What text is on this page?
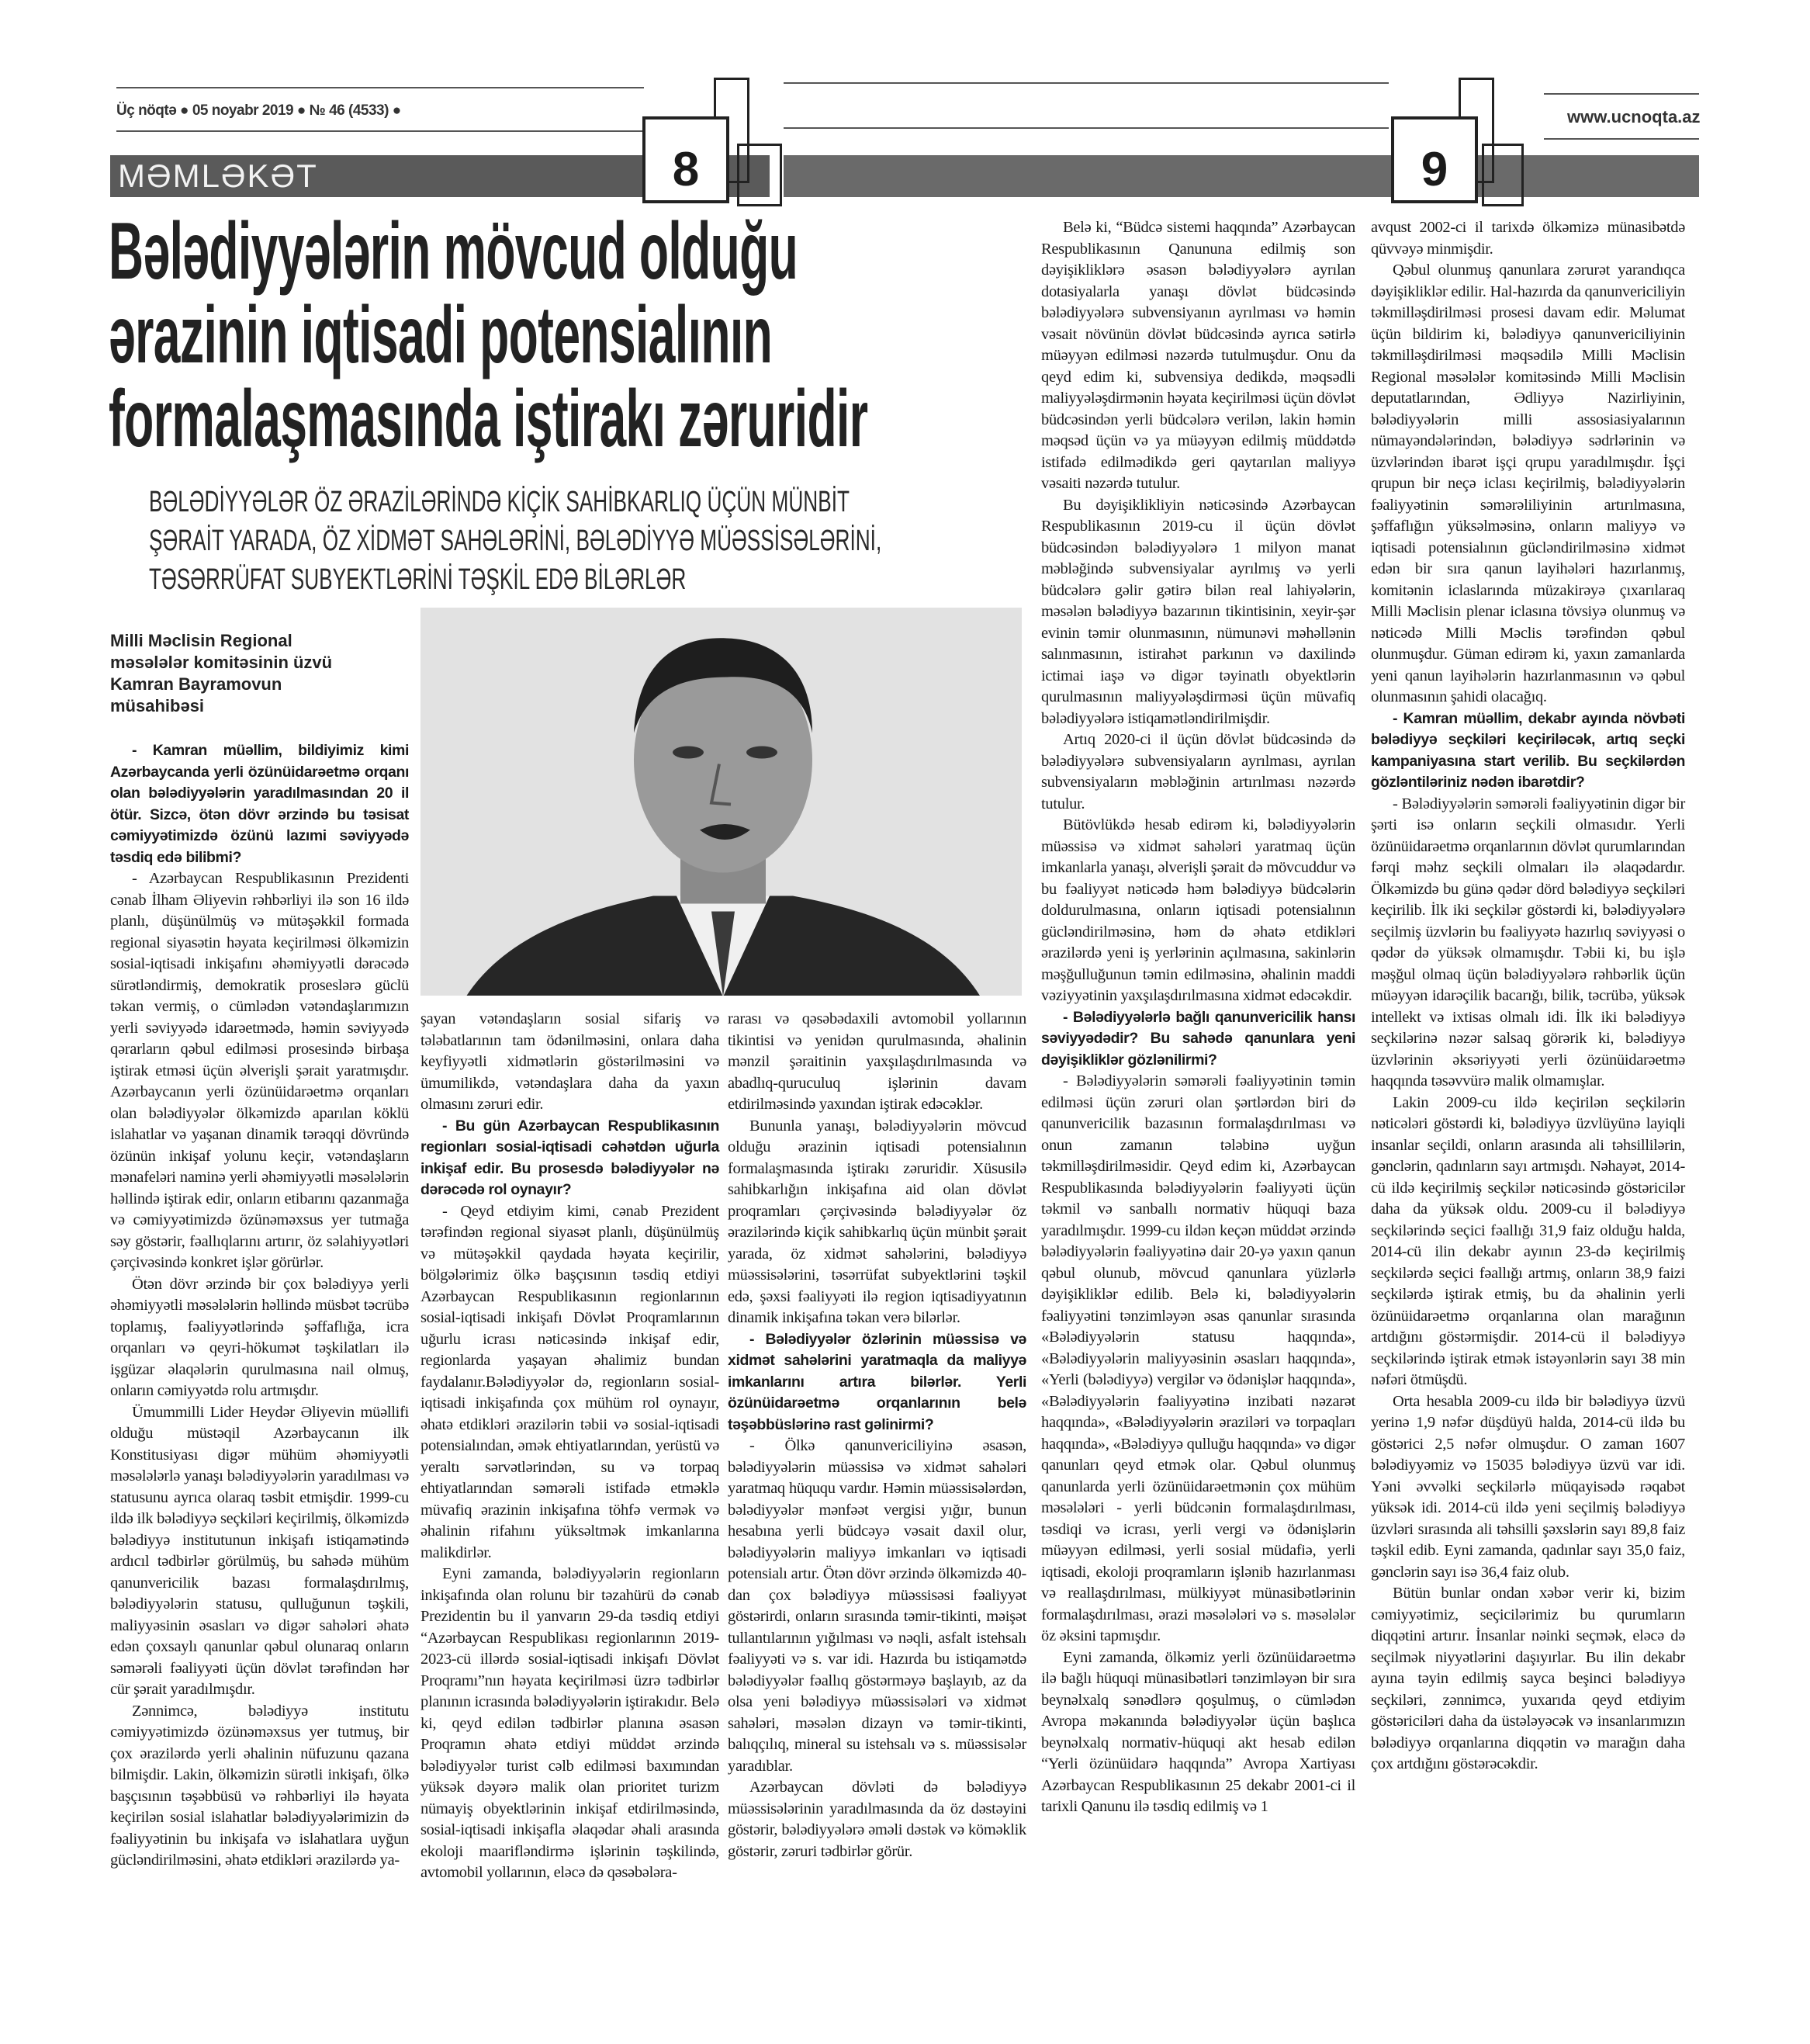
Üç nöqtə ● 05 noyabr 2019 ● № 46 (4533) ●	www.ucnoqta.az
MƏMLƏKƏT	8	9
Bələdiyyələrin mövcud olduğu
ərazinin iqtisadi potensialının
formalaşmasında iştirakı zəruridir
BƏLƏDİYYƏLƏR ÖZ ƏRAZİLƏRİNDƏ KİÇİK SAHİBKARLIQ ÜÇÜN MÜNBİT
ŞƏRAİT YARADA, ÖZ XİDMƏT SAHƏLƏRİNİ, BƏLƏDİYYƏ MÜƏSSİSƏLƏRİNİ,
TƏSƏRRÜFAT SUBYEKTLƏRİNİ TƏŞKİL EDƏ BİLƏRLƏR
Milli Məclisin Regional məsələlər komitəsinin üzvü Kamran Bayramovun müsahibəsi

- Kamran müəllim, bildiyimiz kimi Azərbaycanda yerli özünüidarəetmə orqanı olan bələdiyyələrin yaradılmasından 20 il ötür. Sizcə, ötən dövr ərzində bu təsisat cəmiyyətimizdə özünü lazımi səviyyədə təsdiq edə bilibmi?

- Azərbaycan Respublikasının Prezidenti cənab İlham Əliyevin rəhbərliyi ilə son 16 ildə planlı, düşünülmüş və mütəşəkkil formada regional siyasətin həyata keçirilməsi ölkəmizin sosial-iqtisadi inkişafını əhəmiyyətli dərəcədə sürətləndirmiş, demokratik proseslərə güclü təkan vermiş, o cümlədən vətəndaşlarımızın yerli səviyyədə idarəetmədə, həmin səviyyədə qərarların qəbul edilməsi prosesində birbaşa iştirak etməsi üçün əlverişli şərait yaratmışdır. Azərbaycanın yerli özünüidarəetmə orqanları olan bələdiyyələr ölkəmizdə aparılan köklü islahatlar və yaşanan dinamik tərəqqi dövründə özünün inkişaf yolunu keçir, vətəndaşların mənafeləri naminə yerli əhəmiyyətli məsələlərin həllində iştirak edir, onların etibarını qazanmağa və cəmiyyətimizdə özünəməxsus yer tutmağa səy göstərir, fəallıqlarını artırır, öz səlahiyyətləri çərçivəsində konkret işlər görürlər.

Ötən dövr ərzində bir çox bələdiyyə yerli əhəmiyyətli məsələlərin həllində müsbət təcrübə toplamış, fəaliyyətlərində şəffaflığa, icra orqanları və qeyri-hökumət təşkilatları ilə işgüzar əlaqələrin qurulmasına nail olmuş, onların cəmiyyətdə rolu artmışdır.

Ümummilli Lider Heydər Əliyevin müəllifi olduğu müstəqil Azərbaycanın ilk Konstitusiyası digər mühüm əhəmiyyətli məsələlərlə yanaşı bələdiyyələrin yaradılması və statusunu ayrıca olaraq təsbit etmişdir. 1999-cu ildə ilk bələdiyyə seçkiləri keçirilmiş, ölkəmizdə bələdiyyə institutunun inkişafı istiqamətində ardıcıl tədbirlər görülmüş, bu sahədə mühüm qanunvericilik bazası formalaşdırılmış, bələdiyyələrin statusu, qulluğunun təşkili, maliyyəsinin əsasları və digər sahələri əhatə edən çoxsaylı qanunlar qəbul olunaraq onların səmərəli fəaliyyəti üçün dövlət tərəfindən hər cür şərait yaradılmışdır.

Zənnimcə, bələdiyyə institutu cəmiyyətimizdə özünəməxsus yer tutmuş, bir çox ərazilərdə yerli əhalinin nüfuzunu qazana bilmişdir. Lakin, ölkəmizin sürətli inkişafı, ölkə başçısının təşəbbüsü və rəhbərliyi ilə həyata keçirilən sosial islahatlar bələdiyyələrimizin də fəaliyyətinin bu inkişafa və islahatlara uyğun gücləndirilməsini, əhatə etdikləri ərazilərdə ya-

şayan vətəndaşların sosial sifariş və tələbatlarının tam ödənilməsini, onlara daha keyfiyyətli xidmətlərin göstərilməsini və ümumilikdə, vətəndaşlara daha da yaxın olmasını zəruri edir.

- Bu gün Azərbaycan Respublikasının regionları sosial-iqtisadi cəhətdən uğurla inkişaf edir. Bu prosesdə bələdiyyələr nə dərəcədə rol oynayır?

- Qeyd etdiyim kimi, cənab Prezident tərəfindən regional siyasət planlı, düşünülmüş və mütəşəkkil qaydada həyata keçirilir, bölgələrimiz ölkə başçısının təsdiq etdiyi Azərbaycan Respublikasının regionlarının sosial-iqtisadi inkişafı Dövlət Proqramlarının uğurlu icrası nəticəsində inkişaf edir, regionlarda yaşayan əhalimiz bundan faydalanır.Bələdiyyələr də, regionların sosial-iqtisadi inkişafında çox mühüm rol oynayır, əhatə etdikləri ərazilərin təbii və sosial-iqtisadi potensialından, əmək ehtiyatlarından, yerüstü və yeraltı sərvətlərindən, su və torpaq ehtiyatlarından səmərəli istifadə etməklə müvafiq ərazinin inkişafına töhfə vermək və əhalinin rifahını yüksəltmək imkanlarına malikdirlər.

Eyni zamanda, bələdiyyələrin regionların inkişafında olan rolunu bir təzahürü də cənab Prezidentin bu il yanvarın 29-da təsdiq etdiyi “Azərbaycan Respublikası regionlarının 2019-2023-cü illərdə sosial-iqtisadi inkişafı Dövlət Proqramı”nın həyata keçirilməsi üzrə tədbirlər planının icrasında bələdiyyələrin iştirakıdır. Belə ki, qeyd edilən tədbirlər planına əsasən Proqramın əhatə etdiyi müddət ərzində bələdiyyələr turist cəlb edilməsi baxımından yüksək dəyərə malik olan prioritet turizm nümayiş obyektlərinin inkişaf etdirilməsində, sosial-iqtisadi inkişafla əlaqədar əhali arasında ekoloji maarifləndirmə işlərinin təşkilində, avtomobil yollarının, eləcə də qəsəbələra-

rarası və qəsəbədaxili avtomobil yollarının tikintisi və yenidən qurulmasında, əhalinin mənzil şəraitinin yaxşılaşdırılmasında və abadlıq-quruculuq işlərinin davam etdirilməsində yaxından iştirak edəcəklər.

Bununla yanaşı, bələdiyyələrin mövcud olduğu ərazinin iqtisadi potensialının formalaşmasında iştirakı zəruridir. Xüsusilə sahibkarlığın inkişafına aid olan dövlət proqramları çərçivəsində bələdiyyələr öz ərazilərində kiçik sahibkarlıq üçün münbit şərait yarada, öz xidmət sahələrini, bələdiyyə müəssisələrini, təsərrüfat subyektlərini təşkil edə, şəxsi fəaliyyəti ilə region iqtisadiyyatının dinamik inkişafına təkan verə bilərlər.

- Bələdiyyələr özlərinin müəssisə və xidmət sahələrini yaratmaqla da maliyyə imkanlarını artıra bilərlər. Yerli özünüidarəetmə orqanlarının belə təşəbbüslərinə rast gəlinirmi?

- Ölkə qanunvericiliyinə əsasən, bələdiyyələrin müəssisə və xidmət sahələri yaratmaq hüququ vardır. Həmin müəssisələrdən, bələdiyyələr mənfəət vergisi yığır, bunun hesabına yerli büdcəyə vəsait daxil olur, bələdiyyələrin maliyyə imkanları və iqtisadi potensialı artır. Ötən dövr ərzində ölkəmizdə 40-dan çox bələdiyyə müəssisəsi fəaliyyət göstərirdi, onların sırasında təmir-tikinti, məişət tullantılarının yığılması və nəqli, asfalt istehsalı fəaliyyəti və s. var idi. Hazırda bu istiqamətdə bələdiyyələr fəallıq göstərməyə başlayıb, az da olsa yeni bələdiyyə müəssisələri və xidmət sahələri, məsələn dizayn və təmir-tikinti, balıqçılıq, mineral su istehsalı və s. müəssisələr yaradıblar.

Azərbaycan dövləti də bələdiyyə müəssisələrinin yaradılmasında da öz dəstəyini göstərir, bələdiyyələrə əməli dəstək və köməklik göstərir, zəruri tədbirlər görür.

Belə ki, “Büdcə sistemi haqqında” Azərbaycan Respublikasının Qanununa edilmiş son dəyişikliklərə əsasən bələdiyyələrə ayrılan dotasiyalarla yanaşı dövlət büdcəsində bələdiyyələrə subvensiyanın ayrılması və həmin vəsait növünün dövlət büdcəsində ayrıca sətirlə müəyyən edilməsi nəzərdə tutulmuşdur. Onu da qeyd edim ki, subvensiya dedikdə, məqsədli maliyyələşdirmənin həyata keçirilməsi üçün dövlət büdcəsindən yerli büdcələrə verilən, lakin həmin məqsəd üçün və ya müəyyən edilmiş müddətdə istifadə edilmədikdə geri qaytarılan maliyyə vəsaiti nəzərdə tutulur.

Bu dəyişiklikliyin nəticəsində Azərbaycan Respublikasının 2019-cu il üçün dövlət büdcəsindən bələdiyyələrə 1 milyon manat məbləğində subvensiyalar ayrılmış və yerli büdcələrə gəlir gətirə bilən real lahiyələrin, məsələn bələdiyyə bazarının tikintisinin, xeyir-şər evinin təmir olunmasının, nümunəvi məhəllənin salınmasının, istirahət parkının və daxilində ictimai iaşə və digər təyinatlı obyektlərin qurulmasının maliyyələşdirməsi üçün müvafiq bələdiyyələrə istiqamətləndirilmişdir.

Artıq 2020-ci il üçün dövlət büdcəsində də bələdiyyələrə subvensiyaların ayrılması, ayrılan subvensiyaların məbləğinin artırılması nəzərdə tutulur.

Bütövlükdə hesab edirəm ki, bələdiyyələrin müəssisə və xidmət sahələri yaratmaq üçün imkanlarla yanaşı, əlverişli şərait də mövcuddur və bu fəaliyyət nəticədə həm bələdiyyə büdcələrin doldurulmasına, onların iqtisadi potensialının gücləndirilməsinə, həm də əhatə etdikləri ərazilərdə yeni iş yerlərinin açılmasına, sakinlərin məşğulluğunun təmin edilməsinə, əhalinin maddi vəziyyətinin yaxşılaşdırılmasına xidmət edəcəkdir.

- Bələdiyyələrlə bağlı qanunvericilik hansı səviyyədədir? Bu sahədə qanunlara yeni dəyişikliklər gözlənilirmi?

- Bələdiyyələrin səmərəli fəaliyyətinin təmin edilməsi üçün zəruri olan şərtlərdən biri də qanunvericilik bazasının formalaşdırılması və onun zamanın tələbinə uyğun təkmilləşdirilməsidir. Qeyd edim ki, Azərbaycan Respublikasında bələdiyyələrin fəaliyyəti üçün təkmil və sanballı normativ hüquqi baza yaradılmışdır. 1999-cu ildən keçən müddət ərzində bələdiyyələrin fəaliyyətinə dair 20-yə yaxın qanun qəbul olunub, mövcud qanunlara yüzlərlə dəyişikliklər edilib. Belə ki, bələdiyyələrin fəaliyyətini tənzimləyən əsas qanunlar sırasında «Bələdiyyələrin statusu haqqında», «Bələdiyyələrin maliyyəsinin əsasları haqqında», «Yerli (bələdiyyə) vergilər və ödənişlər haqqında», «Bələdiyyələrin fəaliyyətinə inzibati nəzarət haqqında», «Bələdiyyələrin əraziləri və torpaqları haqqında», «Bələdiyyə qulluğu haqqında» və digər qanunları qeyd etmək olar. Qəbul olunmuş qanunlarda yerli özünüidarəetmənin çox mühüm məsələləri - yerli büdcənin formalaşdırılması, təsdiqi və icrası, yerli vergi və ödənişlərin müəyyən edilməsi, yerli sosial müdafiə, yerli iqtisadi, ekoloji proqramların işlənib hazırlanması və reallaşdırılması, mülkiyyət münasibətlərinin formalaşdırılması, ərazi məsələləri və s. məsələlər öz əksini tapmışdır.

Eyni zamanda, ölkəmiz yerli özünüidarəetmə ilə bağlı hüquqi münasibətləri tənzimləyən bir sıra beynəlxalq sənədlərə qoşulmuş, o cümlədən Avropa məkanında bələdiyyələr üçün başlıca beynəlxalq normativ-hüquqi akt hesab edilən “Yerli özünüidarə haqqında” Avropa Xartiyası Azərbaycan Respublikasının 25 dekabr 2001-ci il tarixli Qanunu ilə təsdiq edilmiş və 1

avqust 2002-ci il tarixdə ölkəmizə münasibətdə qüvvəyə minmişdir.

Qəbul olunmuş qanunlara zərurət yarandıqca dəyişikliklər edilir. Hal-hazırda da qanunvericiliyin təkmilləşdirilməsi prosesi davam edir. Məlumat üçün bildirim ki, bələdiyyə qanunvericiliyinin təkmilləşdirilməsi məqsədilə Milli Məclisin Regional məsələlər komitəsində Milli Məclisin deputatlarından, Ədliyyə Nazirliyinin, bələdiyyələrin milli assosiasiyalarının nümayəndələrindən, bələdiyyə sədrlərinin və üzvlərindən ibarət işçi qrupu yaradılmışdır. İşçi qrupun bir neçə iclası keçirilmiş, bələdiyyələrin fəaliyyətinin səmərəliliyinin artırılmasına, şəffaflığın yüksəlməsinə, onların maliyyə və iqtisadi potensialının gücləndirilməsinə xidmət edən bir sıra qanun layihələri hazırlanmış, komitənin iclaslarında müzakirəyə çıxarılaraq Milli Məclisin plenar iclasına tövsiyə olunmuş və nəticədə Milli Məclis tərəfindən qəbul olunmuşdur. Güman edirəm ki, yaxın zamanlarda yeni qanun layihələrin hazırlanmasının və qəbul olunmasının şahidi olacağıq.

- Kamran müəllim, dekabr ayında növbəti bələdiyyə seçkiləri keçiriləcək, artıq seçki kampaniyasına start verilib. Bu seçkilərdən gözləntiləriniz nədən ibarətdir?

- Bələdiyyələrin səmərəli fəaliyyətinin digər bir şərti isə onların seçkili olmasıdır. Yerli özünüidarəetmə orqanlarının dövlət qurumlarından fərqi məhz seçkili olmaları ilə əlaqədardır. Ölkəmizdə bu günə qədər dörd bələdiyyə seçkiləri keçirilib. İlk iki seçkilər göstərdi ki, bələdiyyələrə seçilmiş üzvlərin bu fəaliyyətə hazırlıq səviyyəsi o qədər də yüksək olmamışdır. Təbii ki, bu işlə məşğul olmaq üçün bələdiyyələrə rəhbərlik üçün müəyyən idarəçilik bacarığı, bilik, təcrübə, yüksək intellekt və ixtisas olmalı idi. İlk iki bələdiyyə seçkilərinə nəzər salsaq görərik ki, bələdiyyə üzvlərinin əksəriyyəti yerli özünüidarəetmə haqqında təsəvvürə malik olmamışlar.

Lakin 2009-cu ildə keçirilən seçkilərin nəticələri göstərdi ki, bələdiyyə üzvlüyünə layiqli insanlar seçildi, onların arasında ali təhsillilərin, gənclərin, qadınların sayı artmışdı. Nəhayət, 2014-cü ildə keçirilmiş seçkilər nəticəsində göstəricilər daha da yüksək oldu. 2009-cu il bələdiyyə seçkilərində seçici fəallığı 31,9 faiz olduğu halda, 2014-cü ilin dekabr ayının 23-də keçirilmiş seçkilərdə seçici fəallığı artmış, onların 38,9 faizi seçkilərdə iştirak etmiş, bu da əhalinin yerli özünüidarəetmə orqanlarına olan marağının artdığını göstərmişdir. 2014-cü il bələdiyyə seçkilərində iştirak etmək istəyənlərin sayı 38 min nəfəri ötmüşdü.

Orta hesabla 2009-cu ildə bir bələdiyyə üzvü yerinə 1,9 nəfər düşdüyü halda, 2014-cü ildə bu göstərici 2,5 nəfər olmuşdur. O zaman 1607 bələdiyyəmiz və 15035 bələdiyyə üzvü var idi. Yəni əvvəlki seçkilərlə müqayisədə rəqabət yüksək idi. 2014-cü ildə yeni seçilmiş bələdiyyə üzvləri sırasında ali təhsilli şəxslərin sayı 89,8 faiz təşkil edib. Eyni zamanda, qadınlar sayı 35,0 faiz, gənclərin sayı isə 36,4 faiz olub.

Bütün bunlar ondan xəbər verir ki, bizim cəmiyyətimiz, seçicilərimiz bu qurumların diqqətini artırır. İnsanlar nəinki seçmək, eləcə də seçilmək niyyətlərini daşıyırlar. Bu ilin dekabr ayına təyin edilmiş sayca beşinci bələdiyyə seçkiləri, zənnimcə, yuxarıda qeyd etdiyim göstəriciləri daha da üstələyəcək və insanlarımızın bələdiyyə orqanlarına diqqətin və marağın daha çox artdığını göstərəcəkdir.
